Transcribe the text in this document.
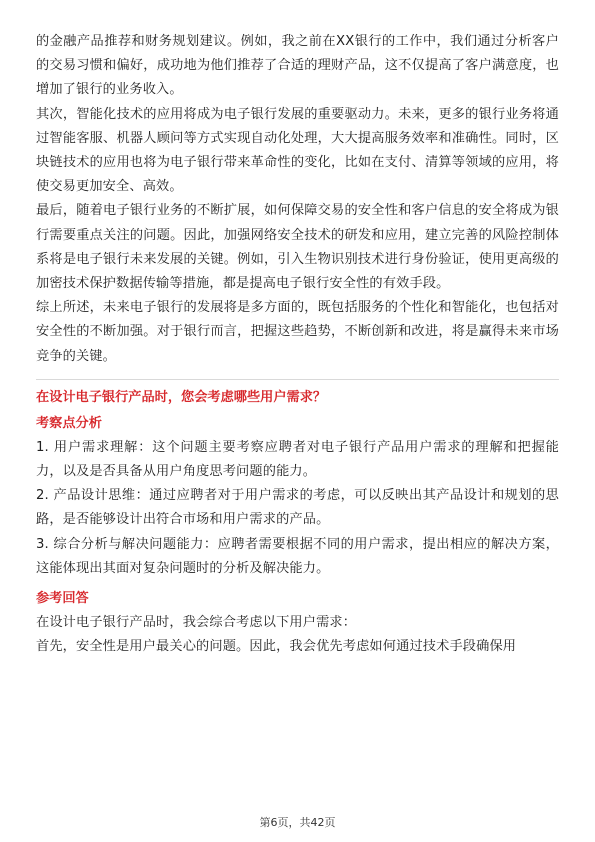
的金融产品推荐和财务规划建议。例如，我之前在XX银行的工作中，我们通过分析客户的交易习惯和偏好，成功地为他们推荐了合适的理财产品，这不仅提高了客户满意度，也增加了银行的业务收入。

其次，智能化技术的应用将成为电子银行发展的重要驱动力。未来，更多的银行业务将通过智能客服、机器人顾问等方式实现自动化处理，大大提高服务效率和准确性。同时，区块链技术的应用也将为电子银行带来革命性的变化，比如在支付、清算等领域的应用，将使交易更加安全、高效。

最后，随着电子银行业务的不断扩展，如何保障交易的安全性和客户信息的安全将成为银行需要重点关注的问题。因此，加强网络安全技术的研发和应用，建立完善的风险控制体系将是电子银行未来发展的关键。例如，引入生物识别技术进行身份验证，使用更高级的加密技术保护数据传输等措施，都是提高电子银行安全性的有效手段。

综上所述，未来电子银行的发展将是多方面的，既包括服务的个性化和智能化，也包括对安全性的不断加强。对于银行而言，把握这些趋势，不断创新和改进，将是赢得未来市场竞争的关键。

在设计电子银行产品时，您会考虑哪些用户需求？

考察点分析

1. 用户需求理解：这个问题主要考察应聘者对电子银行产品用户需求的理解和把握能力，以及是否具备从用户角度思考问题的能力。

2. 产品设计思维：通过应聘者对于用户需求的考虑，可以反映出其产品设计和规划的思路，是否能够设计出符合市场和用户需求的产品。

3. 综合分析与解决问题能力：应聘者需要根据不同的用户需求，提出相应的解决方案，这能体现出其面对复杂问题时的分析及解决能力。

参考回答

在设计电子银行产品时，我会综合考虑以下用户需求：

首先，安全性是用户最关心的问题。因此，我会优先考虑如何通过技术手段确保用

第6页，共42页
